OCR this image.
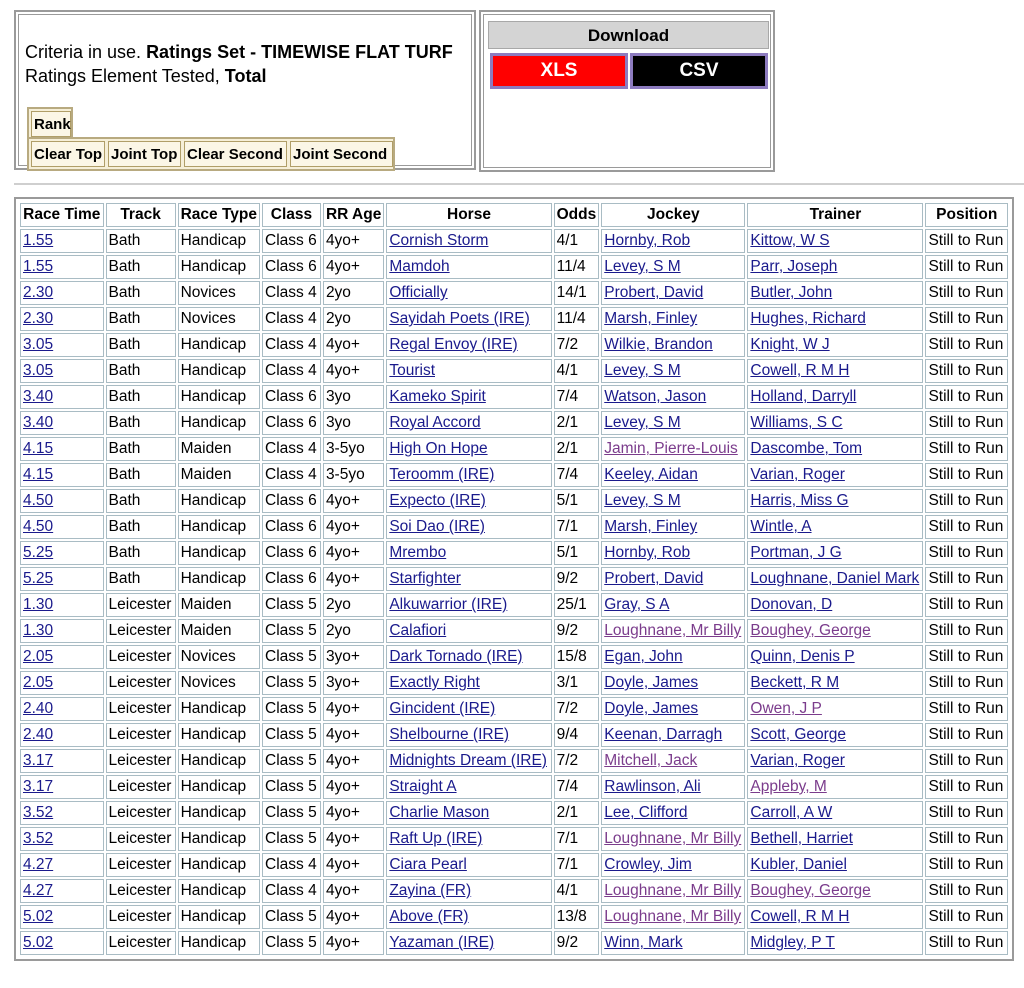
Criteria in use. Ratings Set - TIMEWISE FLAT TURF
Ratings Element Tested, Total
Rank
Clear Top Joint Top Clear Second Joint Second
Download
XLS	CSV
Race Time	Track	Race Type	Class	RR Age	Horse	Odds	Jockey	Trainer	Position
1.55	Bath	Handicap	Class 6	4yo+	Cornish Storm	4/1	Hornby, Rob	Kittow, W S	Still to Run
1.55	Bath	Handicap	Class 6	4yo+	Mamdoh	11/4	Levey, S M	Parr, Joseph	Still to Run
2.30	Bath	Novices	Class 4	2yo	Officially	14/1	Probert, David	Butler, John	Still to Run
2.30	Bath	Novices	Class 4	2yo	Sayidah Poets (IRE)	11/4	Marsh, Finley	Hughes, Richard	Still to Run
3.05	Bath	Handicap	Class 4	4yo+	Regal Envoy (IRE)	7/2	Wilkie, Brandon	Knight, W J	Still to Run
3.05	Bath	Handicap	Class 4	4yo+	Tourist	4/1	Levey, S M	Cowell, R M H	Still to Run
3.40	Bath	Handicap	Class 6	3yo	Kameko Spirit	7/4	Watson, Jason	Holland, Darryll	Still to Run
3.40	Bath	Handicap	Class 6	3yo	Royal Accord	2/1	Levey, S M	Williams, S C	Still to Run
4.15	Bath	Maiden	Class 4	3-5yo	High On Hope	2/1	Jamin, Pierre-Louis	Dascombe, Tom	Still to Run
4.15	Bath	Maiden	Class 4	3-5yo	Teroomm (IRE)	7/4	Keeley, Aidan	Varian, Roger	Still to Run
4.50	Bath	Handicap	Class 6	4yo+	Expecto (IRE)	5/1	Levey, S M	Harris, Miss G	Still to Run
4.50	Bath	Handicap	Class 6	4yo+	Soi Dao (IRE)	7/1	Marsh, Finley	Wintle, A	Still to Run
5.25	Bath	Handicap	Class 6	4yo+	Mrembo	5/1	Hornby, Rob	Portman, J G	Still to Run
5.25	Bath	Handicap	Class 6	4yo+	Starfighter	9/2	Probert, David	Loughnane, Daniel Mark	Still to Run
1.30	Leicester	Maiden	Class 5	2yo	Alkuwarrior (IRE)	25/1	Gray, S A	Donovan, D	Still to Run
1.30	Leicester	Maiden	Class 5	2yo	Calafiori	9/2	Loughnane, Mr Billy	Boughey, George	Still to Run
2.05	Leicester	Novices	Class 5	3yo+	Dark Tornado (IRE)	15/8	Egan, John	Quinn, Denis P	Still to Run
2.05	Leicester	Novices	Class 5	3yo+	Exactly Right	3/1	Doyle, James	Beckett, R M	Still to Run
2.40	Leicester	Handicap	Class 5	4yo+	Gincident (IRE)	7/2	Doyle, James	Owen, J P	Still to Run
2.40	Leicester	Handicap	Class 5	4yo+	Shelbourne (IRE)	9/4	Keenan, Darragh	Scott, George	Still to Run
3.17	Leicester	Handicap	Class 5	4yo+	Midnights Dream (IRE)	7/2	Mitchell, Jack	Varian, Roger	Still to Run
3.17	Leicester	Handicap	Class 5	4yo+	Straight A	7/4	Rawlinson, Ali	Appleby, M	Still to Run
3.52	Leicester	Handicap	Class 5	4yo+	Charlie Mason	2/1	Lee, Clifford	Carroll, A W	Still to Run
3.52	Leicester	Handicap	Class 5	4yo+	Raft Up (IRE)	7/1	Loughnane, Mr Billy	Bethell, Harriet	Still to Run
4.27	Leicester	Handicap	Class 4	4yo+	Ciara Pearl	7/1	Crowley, Jim	Kubler, Daniel	Still to Run
4.27	Leicester	Handicap	Class 4	4yo+	Zayina (FR)	4/1	Loughnane, Mr Billy	Boughey, George	Still to Run
5.02	Leicester	Handicap	Class 5	4yo+	Above (FR)	13/8	Loughnane, Mr Billy	Cowell, R M H	Still to Run
5.02	Leicester	Handicap	Class 5	4yo+	Yazaman (IRE)	9/2	Winn, Mark	Midgley, P T	Still to Run
